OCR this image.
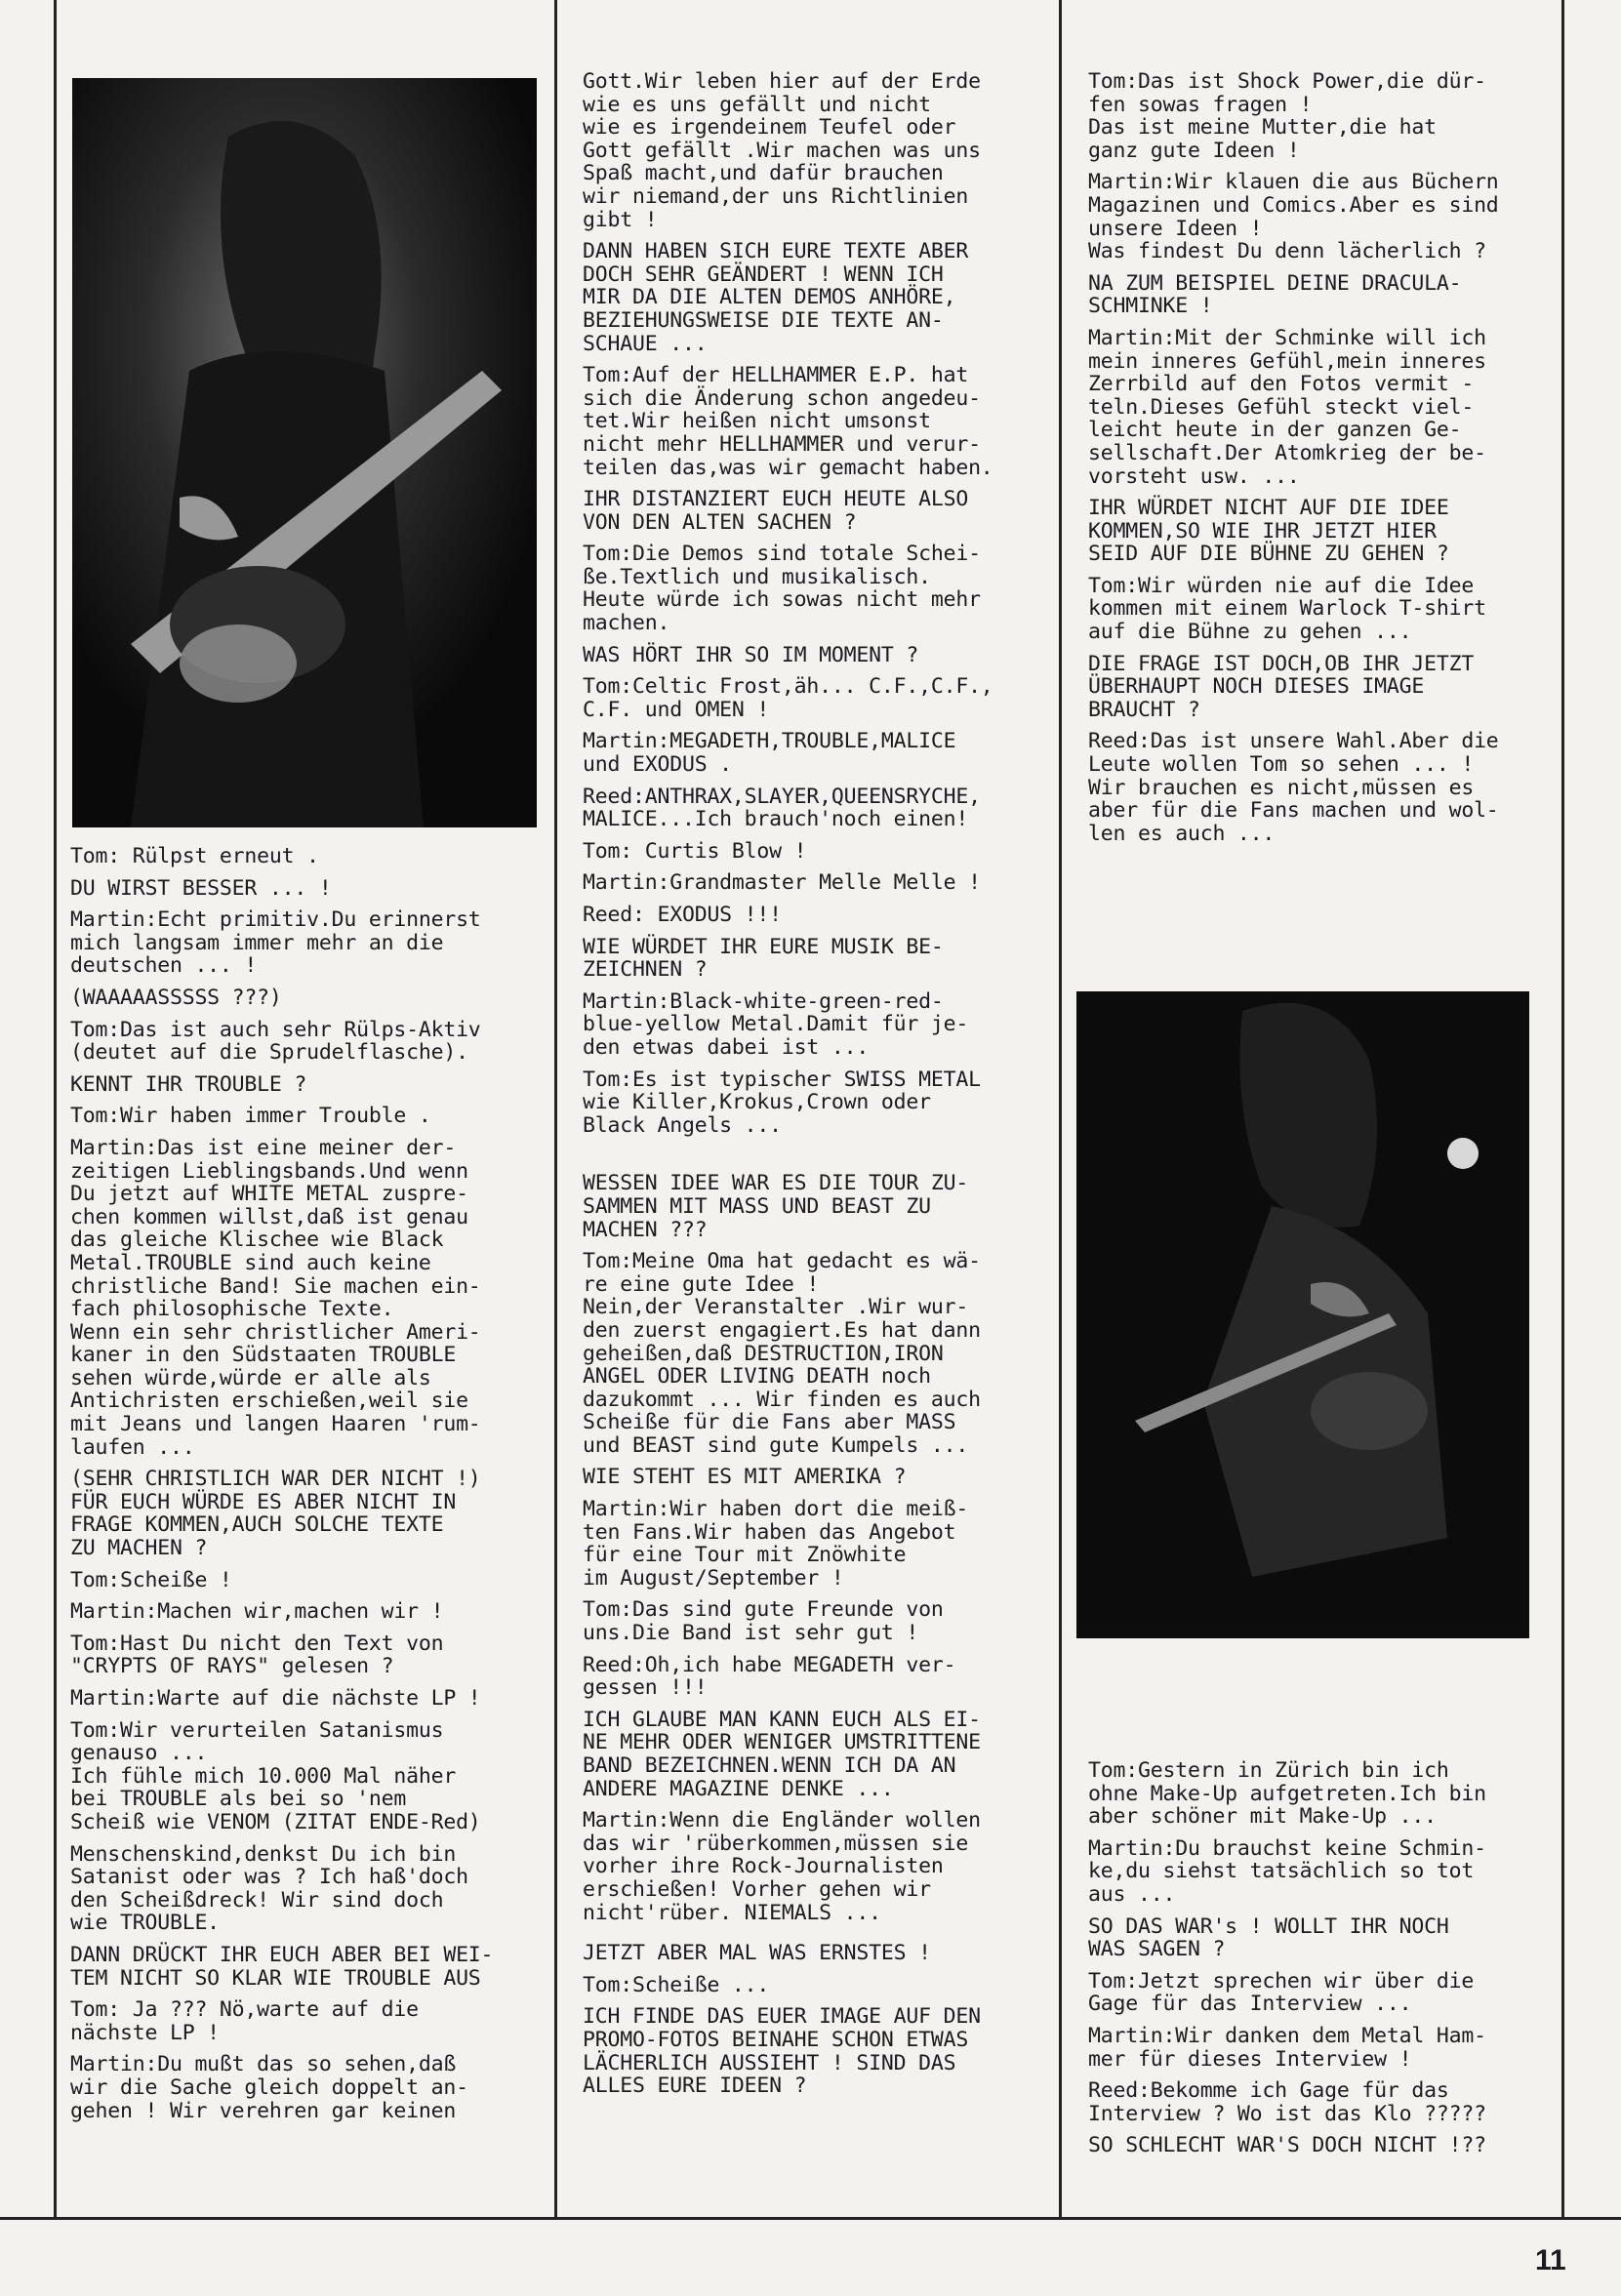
Tom: Rülpst erneut .

DU WIRST BESSER ... !

Martin:Echt primitiv.Du erinnerst
mich langsam immer mehr an die
deutschen ... !

(WAAAAASSSSS ???)

Tom:Das ist auch sehr Rülps-Aktiv
(deutet auf die Sprudelflasche).

KENNT IHR TROUBLE ?

Tom:Wir haben immer Trouble .

Martin:Das ist eine meiner der-
zeitigen Lieblingsbands.Und wenn
Du jetzt auf WHITE METAL zusprе-
chen kommen willst,daß ist genau
das gleiche Klischee wie Black
Metal.TROUBLE sind auch keine
christliche Band! Sie machen ein-
fach philosophische Texte.
Wenn ein sehr christlicher Ameri-
kaner in den Südstaaten TROUBLE
sehen würde,würde er alle als
Antichristen erschießen,weil sie
mit Jeans und langen Haaren 'rum-
laufen ...

(SEHR CHRISTLICH WAR DER NICHT !)
FÜR EUCH WÜRDE ES ABER NICHT IN
FRAGE KOMMEN,AUCH SOLCHE TEXTE
ZU MACHEN ?

Tom:Scheiße !

Martin:Machen wir,machen wir !

Tom:Hast Du nicht den Text von
"CRYPTS OF RAYS" gelesen ?

Martin:Warte auf die nächste LP !

Tom:Wir verurteilen Satanismus
genauso ...
Ich fühle mich 10.000 Mal näher
bei TROUBLE als bei so 'nem
Scheiß wie VENOM (ZITAT ENDE-Red)

Menschenskind,denkst Du ich bin
Satanist oder was ? Ich haß'doch
den Scheißdreck! Wir sind doch
wie TROUBLE.

DANN DRÜCKT IHR EUCH ABER BEI WEI-
TEM NICHT SO KLAR WIE TROUBLE AUS

Tom: Ja ??? Nö,warte auf die
nächste LP !

Martin:Du mußt das so sehen,daß
wir die Sache gleich doppelt an-
gehen ! Wir verehren gar keinen

Gott.Wir leben hier auf der Erde
wie es uns gefällt und nicht
wie es irgendeinem Teufel oder
Gott gefällt .Wir machen was uns
Spaß macht,und dafür brauchen
wir niemand,der uns Richtlinien
gibt !

DANN HABEN SICH EURE TEXTE ABER
DOCH SEHR GEÄNDERT ! WENN ICH
MIR DA DIE ALTEN DEMOS ANHÖRE,
BEZIEHUNGSWEISE DIE TEXTE AN-
SCHAUE ...

Tom:Auf der HELLHAMMER E.P. hat
sich die Änderung schon angedeu-
tet.Wir heißen nicht umsonst
nicht mehr HELLHAMMER und verur-
teilen das,was wir gemacht haben.

IHR DISTANZIERT EUCH HEUTE ALSO
VON DEN ALTEN SACHEN ?

Tom:Die Demos sind totale Schei-
ße.Textlich und musikalisch.
Heute würde ich sowas nicht mehr
machen.

WAS HÖRT IHR SO IM MOMENT ?

Tom:Celtic Frost,äh... C.F.,C.F.,
C.F. und OMEN !

Martin:MEGADETH,TROUBLE,MALICE
und EXODUS .

Reed:ANTHRAX,SLAYER,QUEENSRYCHE,
MALICE...Ich brauch'noch einen!

Tom: Curtis Blow !

Martin:Grandmaster Melle Melle !

Reed: EXODUS !!!

WIE WÜRDET IHR EURE MUSIK BE-
ZEICHNEN ?

Martin:Black-white-green-red-
blue-yellow Metal.Damit für je-
den etwas dabei ist ...

Tom:Es ist typischer SWISS METAL
wie Killer,Krokus,Crown oder
Black Angels ...

WESSEN IDEE WAR ES DIE TOUR ZU-
SAMMEN MIT MASS UND BEAST ZU
MACHEN ???

Tom:Meine Oma hat gedacht es wä-
re eine gute Idee !
Nein,der Veranstalter .Wir wur-
den zuerst engagiert.Es hat dann
geheißen,daß DESTRUCTION,IRON
ANGEL ODER LIVING DEATH noch
dazukommt ... Wir finden es auch
Scheiße für die Fans aber MASS
und BEAST sind gute Kumpels ...

WIE STEHT ES MIT AMERIKA ?

Martin:Wir haben dort die meiß-
ten Fans.Wir haben das Angebot
für eine Tour mit Znöwhite
im August/September !

Tom:Das sind gute Freunde von
uns.Die Band ist sehr gut !

Reed:Oh,ich habe MEGADETH ver-
gessen !!!

ICH GLAUBE MAN KANN EUCH ALS EI-
NE MEHR ODER WENIGER UMSTRITTENE
BAND BEZEICHNEN.WENN ICH DA AN
ANDERE MAGAZINE DENKE ...

Martin:Wenn die Engländer wollen
das wir 'rüberkommen,müssen sie
vorher ihre Rock-Journalisten
erschießen! Vorher gehen wir
nicht'rüber. NIEMALS ...

JETZT ABER MAL WAS ERNSTES !

Tom:Scheiße ...

ICH FINDE DAS EUER IMAGE AUF DEN
PROMO-FOTOS BEINAHE SCHON ETWAS
LÄCHERLICH AUSSIEHT ! SIND DAS
ALLES EURE IDEEN ?

Tom:Das ist Shock Power,die dür-
fen sowas fragen !
Das ist meine Mutter,die hat
ganz gute Ideen !

Martin:Wir klauen die aus Büchern
Magazinen und Comics.Aber es sind
unsere Ideen !
Was findest Du denn lächerlich ?

NA ZUM BEISPIEL DEINE DRACULA-
SCHMINKE !

Martin:Mit der Schminke will ich
mein inneres Gefühl,mein inneres
Zerrbild auf den Fotos vermit -
teln.Dieses Gefühl steckt viel-
leicht heute in der ganzen Ge-
sellschaft.Der Atomkrieg der be-
vorsteht usw. ...

IHR WÜRDET NICHT AUF DIE IDEE
KOMMEN,SO WIE IHR JETZT HIER
SEID AUF DIE BÜHNE ZU GEHEN ?

Tom:Wir würden nie auf die Idee
kommen mit einem Warlock T-shirt
auf die Bühne zu gehen ...

DIE FRAGE IST DOCH,OB IHR JETZT
ÜBERHAUPT NOCH DIESES IMAGE
BRAUCHT ?

Reed:Das ist unsere Wahl.Aber die
Leute wollen Tom so sehen ... !
Wir brauchen es nicht,müssen es
aber für die Fans machen und wol-
len es auch ...

Tom:Gestern in Zürich bin ich
ohne Make-Up aufgetreten.Ich bin
aber schöner mit Make-Up ...

Martin:Du brauchst keine Schmin-
ke,du siehst tatsächlich so tot
aus ...

SO DAS WAR's ! WOLLT IHR NOCH
WAS SAGEN ?

Tom:Jetzt sprechen wir über die
Gage für das Interview ...

Martin:Wir danken dem Metal Ham-
mer für dieses Interview !

Reed:Bekomme ich Gage für das
Interview ? Wo ist das Klo ?????

SO SCHLECHT WAR'S DOCH NICHT !??

11
